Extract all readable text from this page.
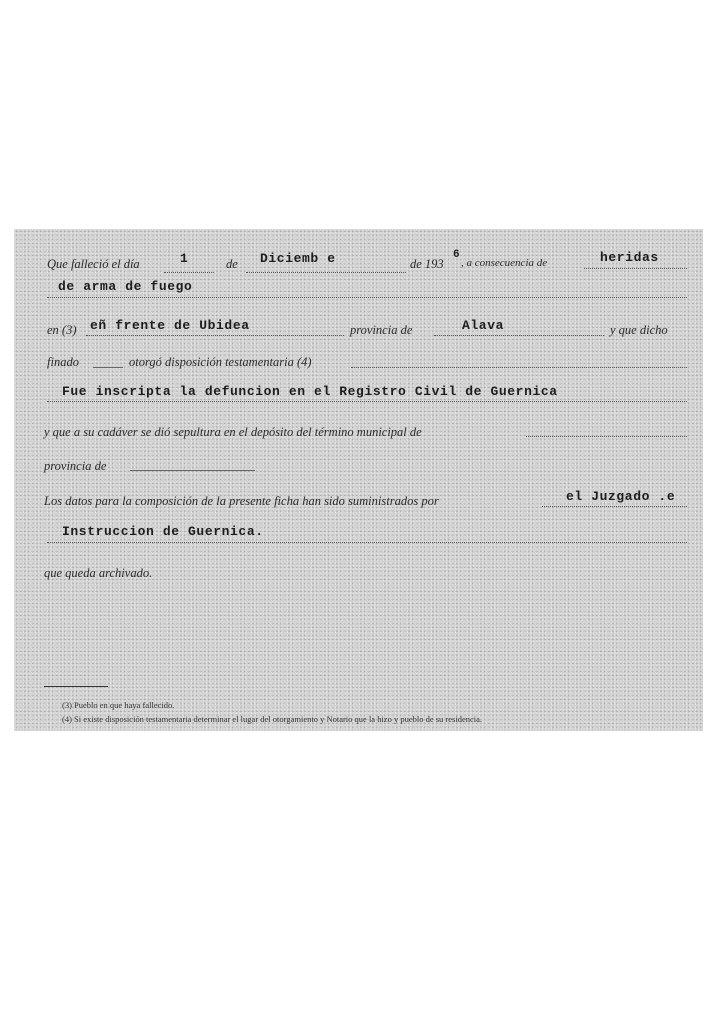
Que falleció el día	1	de Diciemb e	de 193
6
, a consecuencia de	heridas
de arma de fuego
en (3) eñ frente de Ubidea	provincia de	Alava	y que dicho
finado	otorgó disposición testamentaria (4)
Fue inscripta la defuncion en el Registro Civil de Guernica
y que a su cadáver se dió sepultura en el depósito del término municipal de
provincia de
Los datos para la composición de la presente ficha han sido suministrados por	el Juzgado .e
Instruccion de Guernica.
que queda archivado.
(3) Pueblo en que haya fallecido.
(4) Si existe disposición testamentaria determinar el lugar del otorgamiento y Notario que la hizo y pueblo de su residencia.
